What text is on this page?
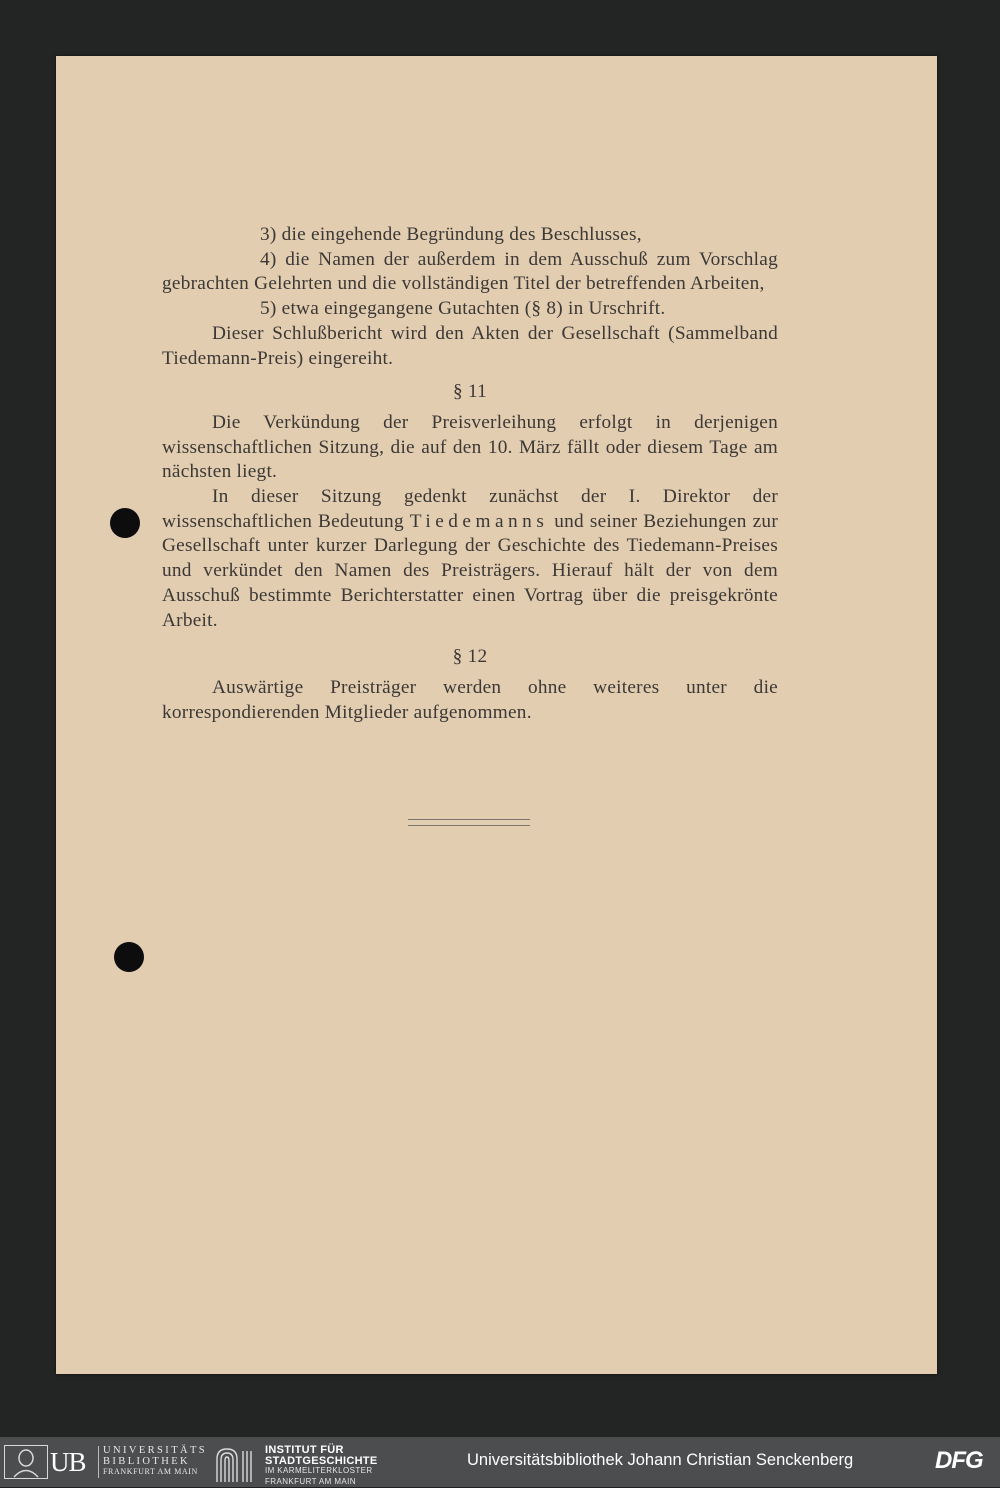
3) die eingehende Begründung des Beschlusses,

4) die Namen der außerdem in dem Ausschuß zum Vorschlag gebrachten Gelehrten und die vollständigen Titel der betreffenden Arbeiten,

5) etwa eingegangene Gutachten (§ 8) in Urschrift.

Dieser Schlußbericht wird den Akten der Gesellschaft (Sammelband Tiedemann-Preis) eingereiht.

§ 11

Die Verkündung der Preisverleihung erfolgt in derjenigen wissenschaftlichen Sitzung, die auf den 10. März fällt oder diesem Tage am nächsten liegt.

In dieser Sitzung gedenkt zunächst der I. Direktor der wissenschaftlichen Bedeutung Tiedemanns und seiner Beziehungen zur Gesellschaft unter kurzer Darlegung der Geschichte des Tiedemann-Preises und verkündet den Namen des Preisträgers. Hierauf hält der von dem Ausschuß bestimmte Berichterstatter einen Vortrag über die preisgekrönte Arbeit.

§ 12

Auswärtige Preisträger werden ohne weiteres unter die korrespondierenden Mitglieder aufgenommen.

UB UNIVERSITÄTS
BIBLIOTHEK
FRANKFURT AM MAIN
INSTITUT FÜR
STADTGESCHICHTE
IM KARMELITERKLOSTER
FRANKFURT AM MAIN
Universitätsbibliothek Johann Christian Senckenberg	DFG
